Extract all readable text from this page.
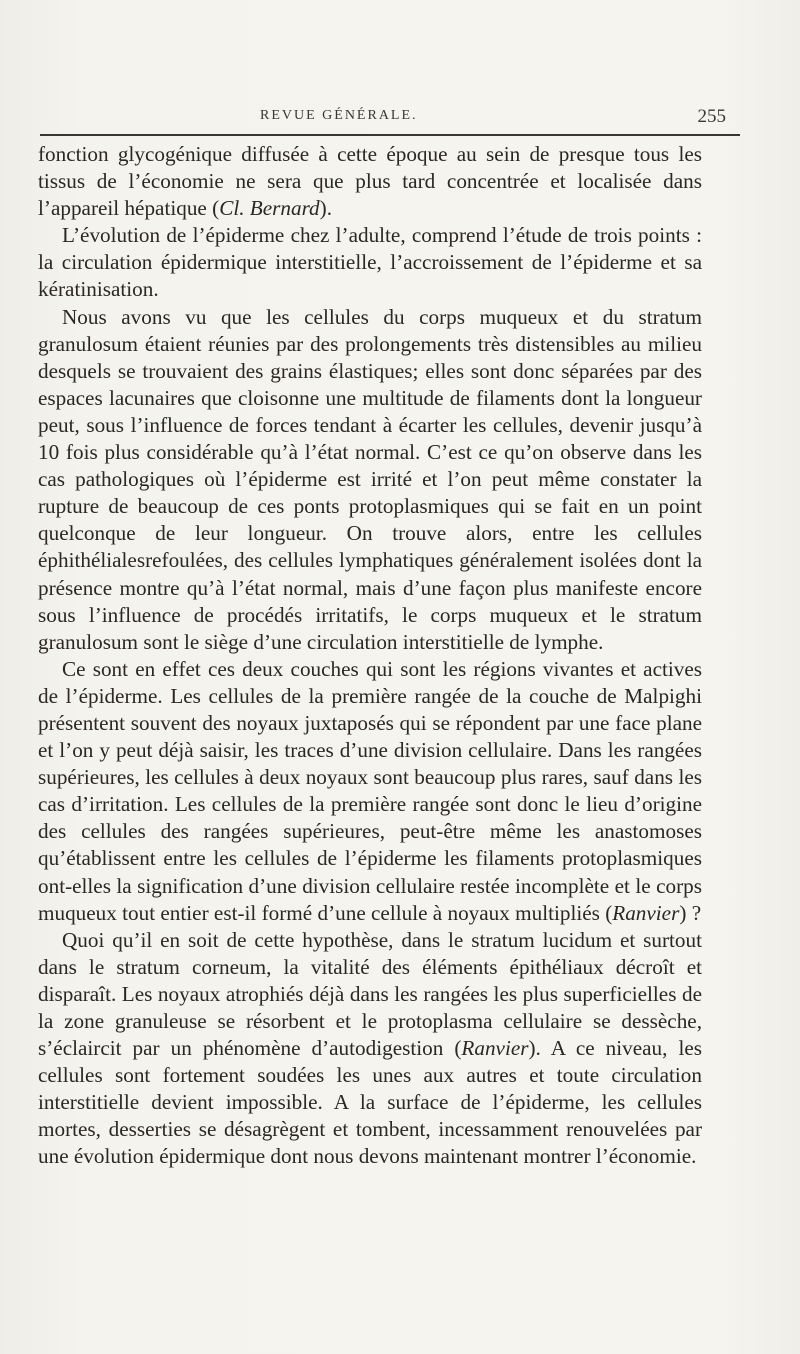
REVUE GÉNÉRALE.	255

fonction glycogénique diffusée à cette époque au sein de presque tous les tissus de l’économie ne sera que plus tard concentrée et localisée dans l’appareil hépatique (Cl. Bernard).

L’évolution de l’épiderme chez l’adulte, comprend l’étude de trois points : la circulation épidermique interstitielle, l’accroissement de l’épiderme et sa kératinisation.

Nous avons vu que les cellules du corps muqueux et du stratum granulosum étaient réunies par des prolongements très distensibles au milieu desquels se trouvaient des grains élastiques; elles sont donc séparées par des espaces lacunaires que cloisonne une multitude de filaments dont la longueur peut, sous l’influence de forces tendant à écarter les cellules, devenir jusqu’à 10 fois plus considérable qu’à l’état normal. C’est ce qu’on observe dans les cas pathologiques où l’épiderme est irrité et l’on peut même constater la rupture de beaucoup de ces ponts protoplasmiques qui se fait en un point quelconque de leur longueur. On trouve alors, entre les cellules éphithélialesrefoulées, des cellules lymphatiques généralement isolées dont la présence montre qu’à l’état normal, mais d’une façon plus manifeste encore sous l’influence de procédés irritatifs, le corps muqueux et le stratum granulosum sont le siège d’une circulation interstitielle de lymphe.

Ce sont en effet ces deux couches qui sont les régions vivantes et actives de l’épiderme. Les cellules de la première rangée de la couche de Malpighi présentent souvent des noyaux juxtaposés qui se répondent par une face plane et l’on y peut déjà saisir, les traces d’une division cellulaire. Dans les rangées supérieures, les cellules à deux noyaux sont beaucoup plus rares, sauf dans les cas d’irritation. Les cellules de la première rangée sont donc le lieu d’origine des cellules des rangées supérieures, peut-être même les anastomoses qu’établissent entre les cellules de l’épiderme les filaments protoplasmiques ont-elles la signification d’une division cellulaire restée incomplète et le corps muqueux tout entier est-il formé d’une cellule à noyaux multipliés (Ranvier) ?

Quoi qu’il en soit de cette hypothèse, dans le stratum lucidum et surtout dans le stratum corneum, la vitalité des éléments épithéliaux décroît et disparaît. Les noyaux atrophiés déjà dans les rangées les plus superficielles de la zone granuleuse se résorbent et le protoplasma cellulaire se dessèche, s’éclaircit par un phénomène d’autodigestion (Ranvier). A ce niveau, les cellules sont fortement soudées les unes aux autres et toute circulation interstitielle devient impossible. A la surface de l’épiderme, les cellules mortes, desserties se désagrègent et tombent, incessamment renouvelées par une évolution épidermique dont nous devons maintenant montrer l’économie.
